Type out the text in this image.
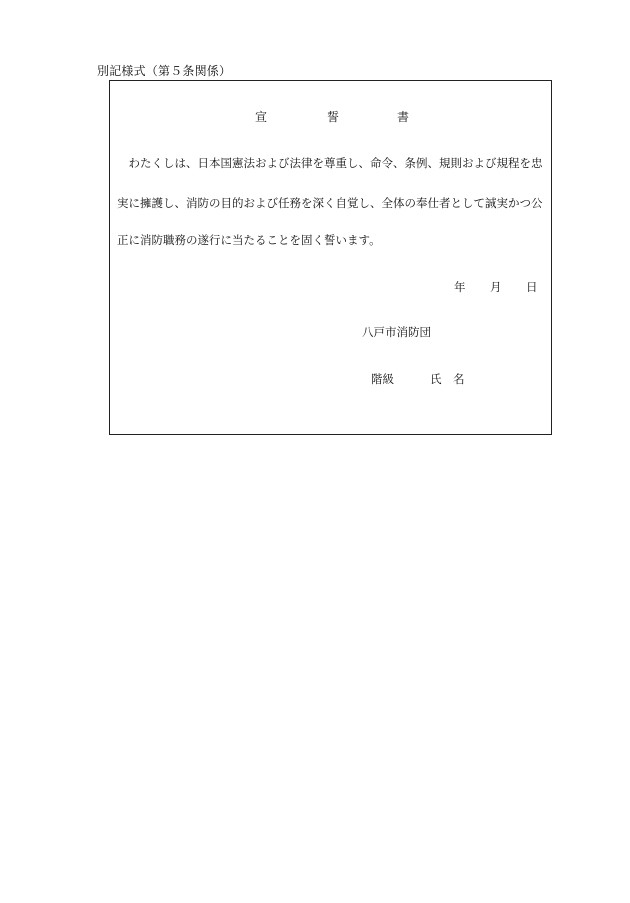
別記様式（第５条関係）
宣	誓	書
　わたくしは、日本国憲法および法律を尊重し、命令、条例、規則および規程を忠
実に擁護し、消防の目的および任務を深く自覚し、全体の奉仕者として誠実かつ公
正に消防職務の遂行に当たることを固く誓います。
年 月 日
八戸市消防団
階級	氏 名
